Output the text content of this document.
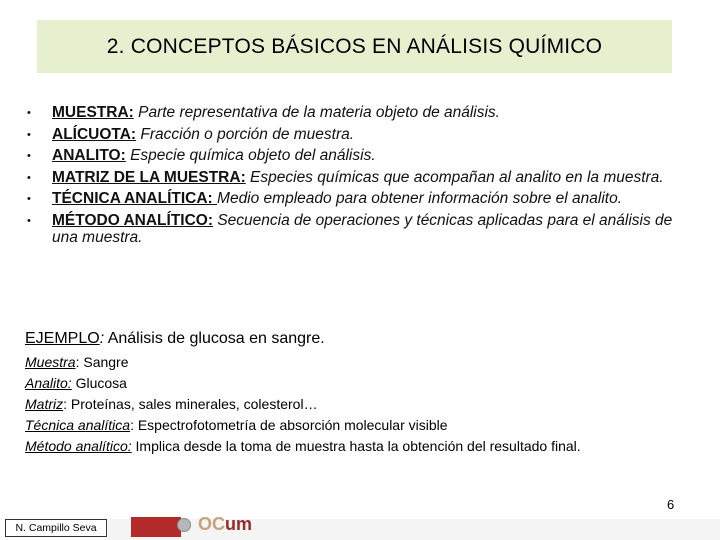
2. CONCEPTOS BÁSICOS EN ANÁLISIS QUÍMICO
• MUESTRA: Parte representativa de la materia objeto de análisis.
• ALÍCUOTA: Fracción o porción de muestra.
• ANALITO: Especie química objeto del análisis.
• MATRIZ DE LA MUESTRA: Especies químicas que acompañan al analito en la muestra.
• TÉCNICA ANALÍTICA: Medio empleado para obtener información sobre el analito.
• MÉTODO ANALÍTICO: Secuencia de operaciones y técnicas aplicadas para el análisis de una muestra.

EJEMPLO: Análisis de glucosa en sangre.

Muestra: Sangre
Analito: Glucosa
Matriz: Proteínas, sales minerales, colesterol…
Técnica analítica: Espectrofotometría de absorción molecular visible
Método analítico: Implica desde la toma de muestra hasta la obtención del resultado final.
6
N. Campillo Seva	OCum
